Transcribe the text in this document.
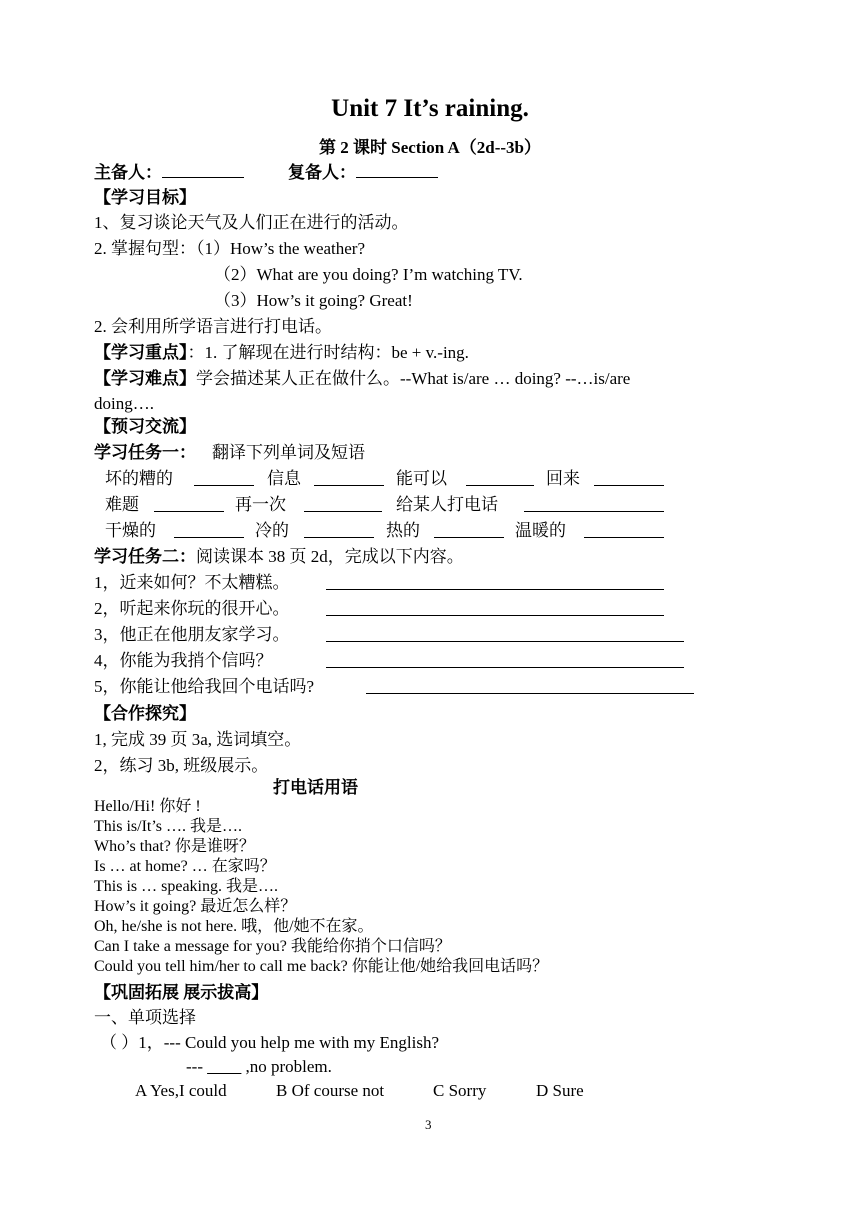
Unit 7 It’s raining.
第 2 课时 Section A（2d--3b）
主备人：	复备人：
【学习目标】
1、复习谈论天气及人们正在进行的活动。
2. 掌握句型：（1）How’s the weather?
（2）What are you doing? I’m watching TV.
（3）How’s it going? Great!
2. 会利用所学语言进行打电话。
【学习重点】：1. 了解现在进行时结构：be + v.-ing.
【学习难点】学会描述某人正在做什么。--What is/are … doing? --…is/are
doing….
【预习交流】
学习任务一： 翻译下列单词及短语
坏的糟的	信息	能可以	回来
难题	再一次	给某人打电话
干燥的	冷的	热的	温暖的
学习任务二：阅读课本 38 页 2d，完成以下内容。
1，近来如何？不太糟糕。
2，听起来你玩的很开心。
3，他正在他朋友家学习。
4，你能为我捎个信吗？
5，你能让他给我回个电话吗?
【合作探究】
1, 完成 39 页 3a, 选词填空。
2，练习 3b, 班级展示。
打电话用语
Hello/Hi! 你好 !
This is/It’s …. 我是….
Who’s that? 你是谁呀？
Is … at home? … 在家吗？
This is … speaking. 我是….
How’s it going? 最近怎么样？
Oh, he/she is not here. 哦，他/她不在家。
Can I take a message for you? 我能给你捎个口信吗？
Could you tell him/her to call me back? 你能让他/她给我回电话吗？
【巩固拓展 展示拔高】
一、单项选择
（ ）1，--- Could you help me with my English?
--- ____ ,no problem.
A Yes,I could	B Of course not	C Sorry	D Sure
3
